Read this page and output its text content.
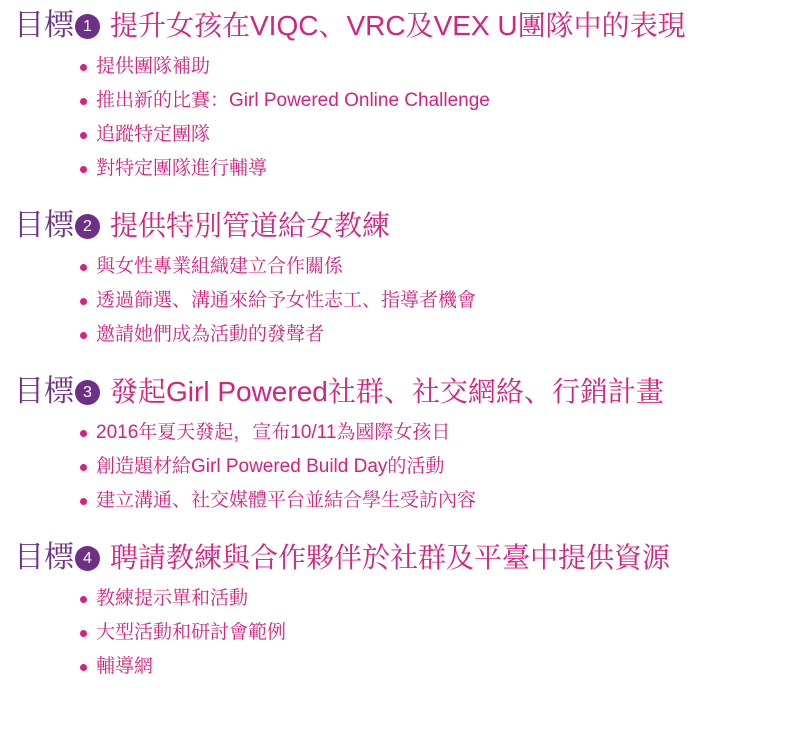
目標 1 提升女孩在VIQC、VRC及VEX U團隊中的表現
提供團隊補助
推出新的比賽：Girl Powered Online Challenge
追蹤特定團隊
對特定團隊進行輔導
目標 2 提供特別管道給女教練
與女性專業組織建立合作關係
透過篩選、溝通來給予女性志工、指導者機會
邀請她們成為活動的發聲者
目標 3 發起Girl Powered社群、社交網絡、行銷計畫
2016年夏天發起，宣布10/11為國際女孩日
創造題材給Girl Powered Build Day的活動
建立溝通、社交媒體平台並結合學生受訪內容
目標 4 聘請教練與合作夥伴於社群及平臺中提供資源
教練提示單和活動
大型活動和研討會範例
輔導網
